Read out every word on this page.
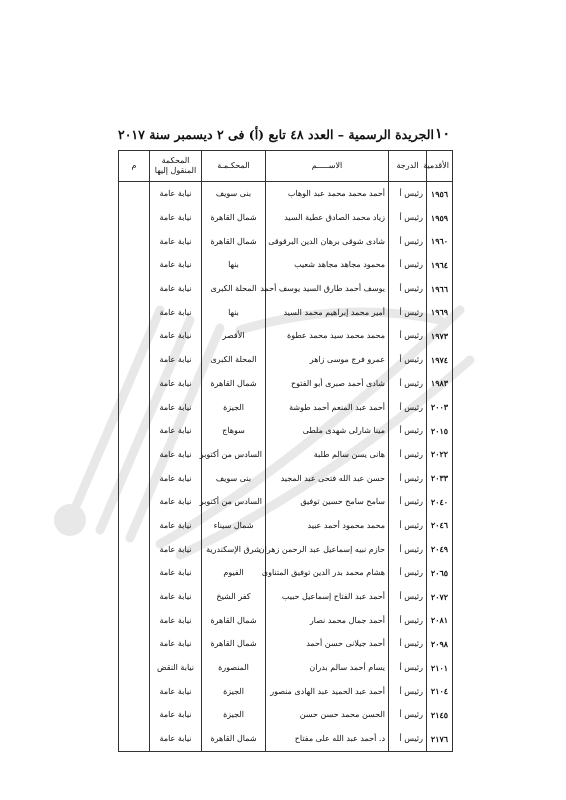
١٠
الجريدة الرسمية – العدد ٤٨ تابع (أ) فى ٢ ديسمبر سنة ٢٠١٧
الأقدمية	الدرجة	الاســـــم	المحكـمـة	المحكمة المنقول إليها	م
١٩٥٦	رئيس أ	أحمد محمد محمد عبد الوهاب	بنى سويف	نيابة عامة	
١٩٥٩	رئيس أ	زياد محمد الصادق عطية السيد	شمال القاهرة	نيابة عامة	
١٩٦٠	رئيس أ	شادى شوقى برهان الدين البرقوقى	شمال القاهرة	نيابة عامة	
١٩٦٤	رئيس أ	محمود مجاهد مجاهد شعيب	بنها	نيابة عامة	
١٩٦٦	رئيس أ	يوسف أحمد طارق السيد يوسف أحمد	المحلة الكبرى	نيابة عامة	
١٩٦٩	رئيس أ	أمير محمد إبراهيم محمد السيد	بنها	نيابة عامة	
١٩٧٣	رئيس أ	محمد محمد سيد محمد عطوة	الأقصر	نيابة عامة	
١٩٧٤	رئيس أ	عمرو فرج موسى زاهر	المحلة الكبرى	نيابة عامة	
١٩٨٣	رئيس أ	شادى أحمد صبرى أبو الفتوح	شمال القاهرة	نيابة عامة	
٢٠٠٣	رئيس أ	أحمد عبد المنعم أحمد طوشة	الجيزة	نيابة عامة	
٢٠١٥	رئيس أ	مينا شارلى شهدى ملطى	سوهاج	نيابة عامة	
٢٠٢٢	رئيس أ	هانى يسن سالم طلبة	السادس من أكتوبر	نيابة عامة	
٢٠٣٣	رئيس أ	حسن عبد الله فتحى عبد المجيد	بنى سويف	نيابة عامة	
٢٠٤٠	رئيس أ	سامح سامح حسين توفيق	السادس من أكتوبر	نيابة عامة	
٢٠٤٦	رئيس أ	محمد محمود أحمد عبيد	شمال سيناء	نيابة عامة	
٢٠٤٩	رئيس أ	حازم نبيه إسماعيل عبد الرحمن زهران	شرق الإسكندرية	نيابة عامة	
٢٠٦٥	رئيس أ	هشام محمد بدر الدين توفيق المتناوى	الفيوم	نيابة عامة	
٢٠٧٢	رئيس أ	أحمد عبد الفتاح إسماعيل حبيب	كفر الشيخ	نيابة عامة	
٢٠٨١	رئيس أ	أحمد جمال محمد نصار	شمال القاهرة	نيابة عامة	
٢٠٩٨	رئيس أ	أحمد جيلانى حسن أحمد	شمال القاهرة	نيابة عامة	
٢١٠١	رئيس أ	يسام أحمد سالم بدران	المنصورة	نيابة النقض	
٢١٠٤	رئيس أ	أحمد عبد الحميد عبد الهادى منصور	الجيزة	نيابة عامة	
٢١٤٥	رئيس أ	الحسن محمد حسن حسن	الجيزة	نيابة عامة	
٢١٧٦	رئيس أ	د. أحمد عبد الله على مفتاح	شمال القاهرة	نيابة عامة	
